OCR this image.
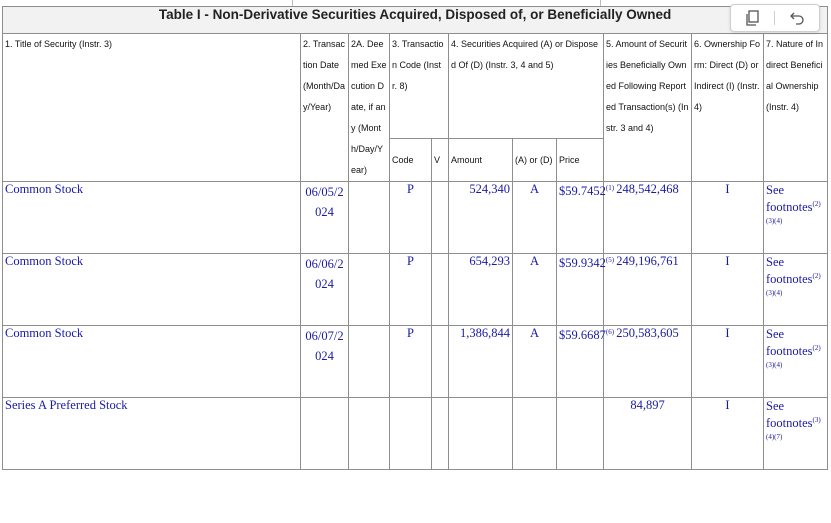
Table I - Non-Derivative Securities Acquired, Disposed of, or Beneficially Owned										
1. Title of Security (Instr. 3)	2. Transaction Date (Month/Day/Year)	2A. Deemed Execution Date, if any (Month/Day/Year)	3. Transaction Code (Instr. 8)		4. Securities Acquired (A) or Disposed Of (D) (Instr. 3, 4 and 5)			5. Amount of Securities Beneficially Owned Following Reported Transaction(s) (Instr. 3 and 4)	6. Ownership Form: Direct (D) or Indirect (I) (Instr. 4)	7. Nature of Indirect Beneficial Ownership (Instr. 4)
			Code	V	Amount	(A) or (D)	Price			
Common Stock	06/05/2024		P		524,340	A	$59.7452$^{(1)}$	248,542,468	I	See footnotes$^{(2)}$
(3)(4)

Common Stock	06/06/2024		P		654,293	A	$59.9342$^{(5)}$	249,196,761	I	See footnotes$^{(2)}$
(3)(4)

Common Stock	06/07/2024		P		1,386,844	A	$59.6687$^{(6)}$	250,583,605	I	See footnotes$^{(2)}$
(3)(4)

Series A Preferred Stock								84,897	I	See footnotes$^{(3)}$
(4)(7)
